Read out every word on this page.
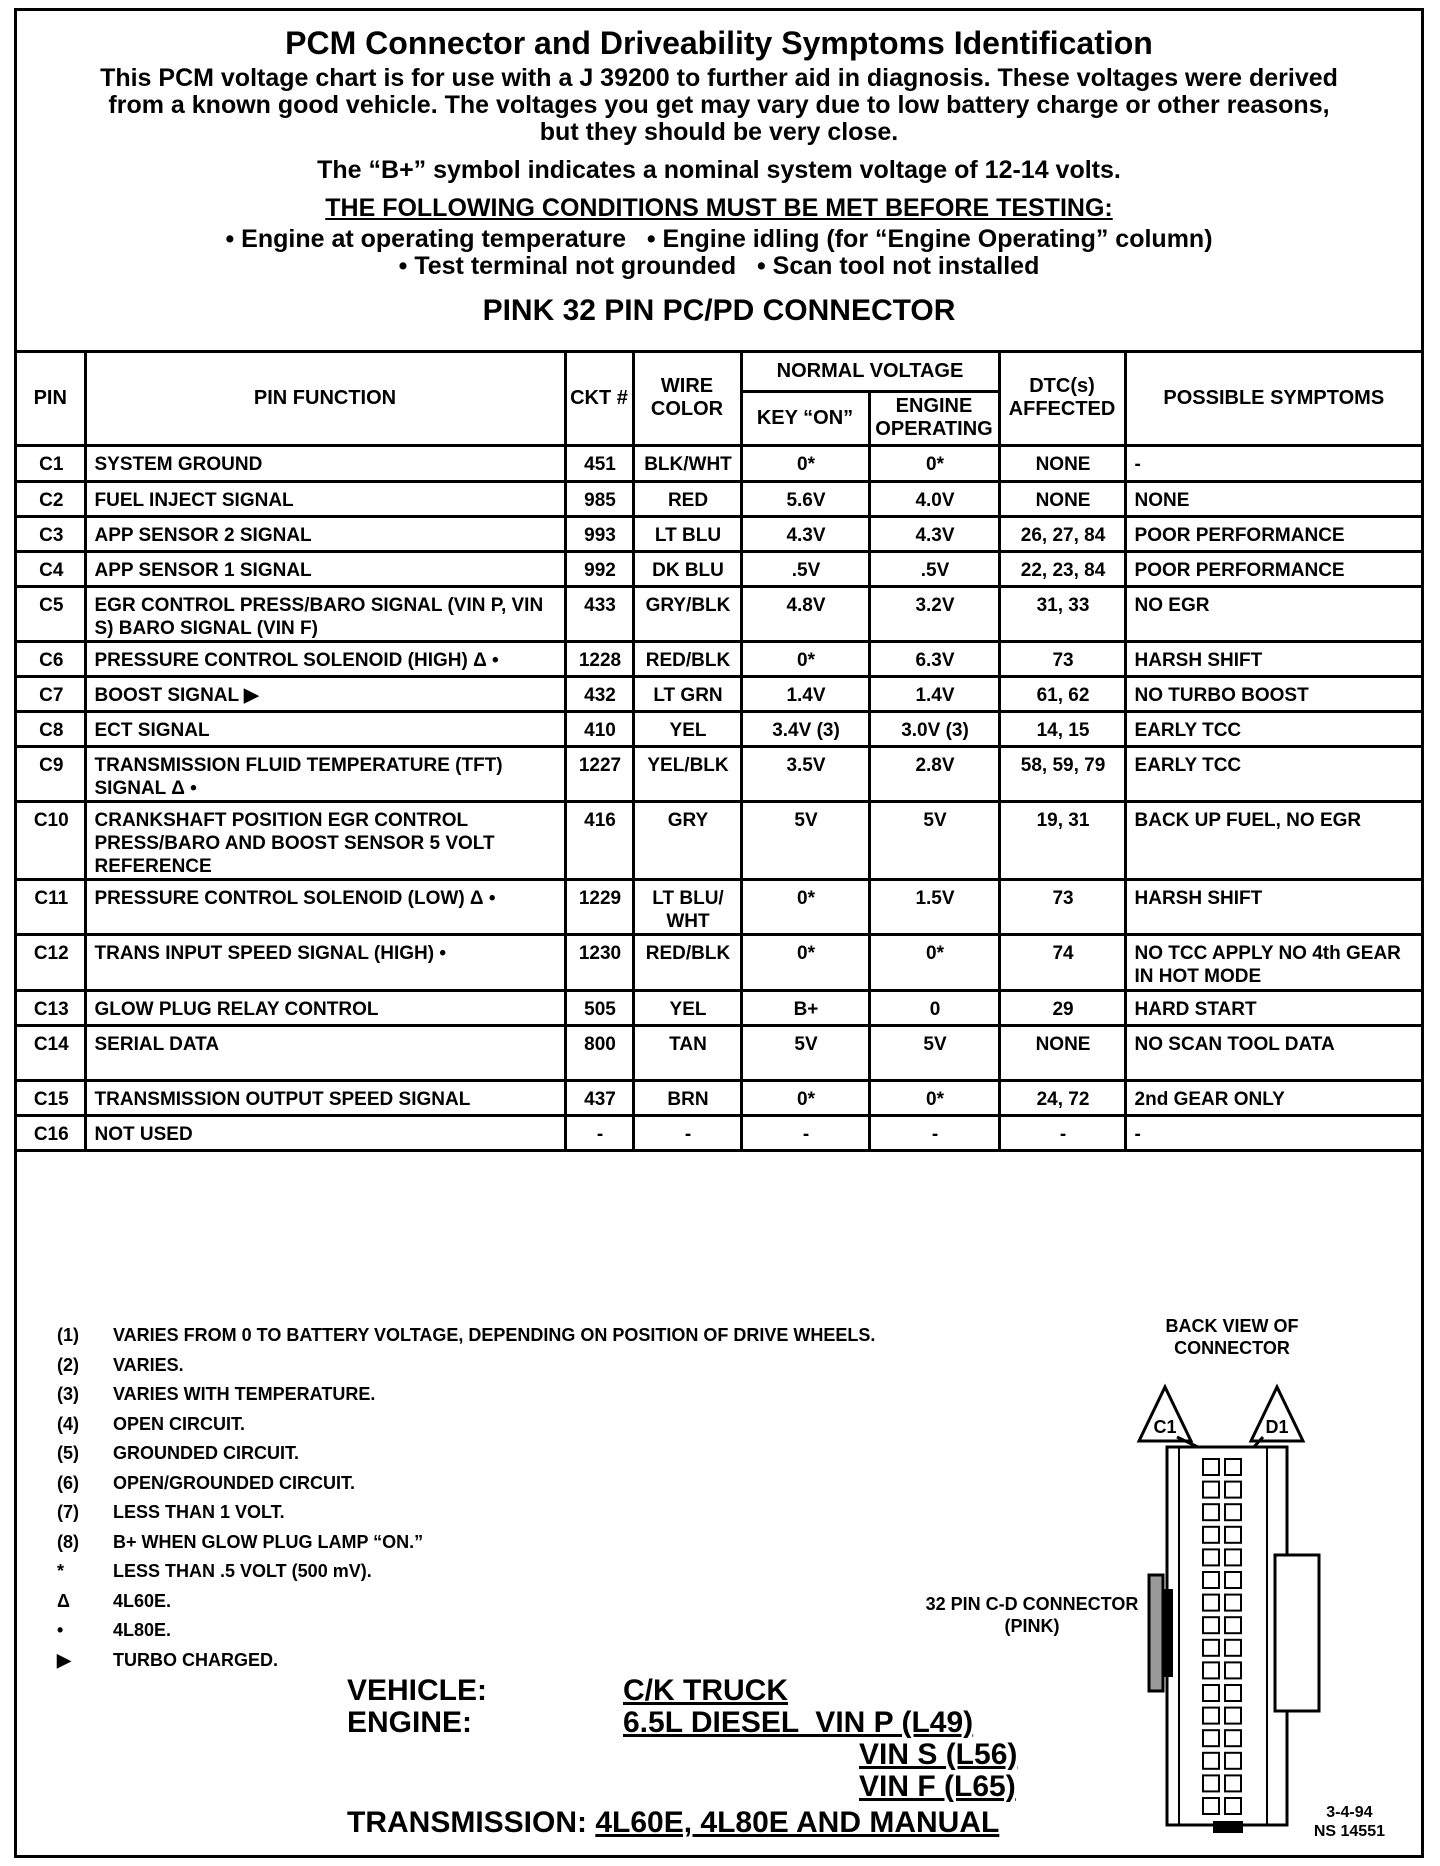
PCM Connector and Driveability Symptoms Identification
This PCM voltage chart is for use with a J 39200 to further aid in diagnosis. These voltages were derived
from a known good vehicle. The voltages you get may vary due to low battery charge or other reasons,
but they should be very close.
The “B+” symbol indicates a nominal system voltage of 12-14 volts.
THE FOLLOWING CONDITIONS MUST BE MET BEFORE TESTING:
• Engine at operating temperature • Engine idling (for “Engine Operating” column)
• Test terminal not grounded • Scan tool not installed
PINK 32 PIN PC/PD CONNECTOR
PIN	PIN FUNCTION	CKT #	WIRE COLOR	NORMAL VOLTAGE		DTC(s) AFFECTED	POSSIBLE SYMPTOMS
				KEY “ON”	ENGINE OPERATING		
C1	SYSTEM GROUND	451	BLK/WHT	0*	0*	NONE	-
C2	FUEL INJECT SIGNAL	985	RED	5.6V	4.0V	NONE	NONE
C3	APP SENSOR 2 SIGNAL	993	LT BLU	4.3V	4.3V	26, 27, 84	POOR PERFORMANCE
C4	APP SENSOR 1 SIGNAL	992	DK BLU	.5V	.5V	22, 23, 84	POOR PERFORMANCE
C5	EGR CONTROL PRESS/BARO SIGNAL (VIN P, VIN S) BARO SIGNAL (VIN F)	433	GRY/BLK	4.8V	3.2V	31, 33	NO EGR
C6	PRESSURE CONTROL SOLENOID (HIGH) Δ •	1228	RED/BLK	0*	6.3V	73	HARSH SHIFT
C7	BOOST SIGNAL ▶	432	LT GRN	1.4V	1.4V	61, 62	NO TURBO BOOST
C8	ECT SIGNAL	410	YEL	3.4V (3)	3.0V (3)	14, 15	EARLY TCC
C9	TRANSMISSION FLUID TEMPERATURE (TFT) SIGNAL Δ •	1227	YEL/BLK	3.5V	2.8V	58, 59, 79	EARLY TCC
C10	CRANKSHAFT POSITION EGR CONTROL PRESS/BARO AND BOOST SENSOR 5 VOLT REFERENCE	416	GRY	5V	5V	19, 31	BACK UP FUEL, NO EGR
C11	PRESSURE CONTROL SOLENOID (LOW) Δ •	1229	LT BLU/ WHT	0*	1.5V	73	HARSH SHIFT
C12	TRANS INPUT SPEED SIGNAL (HIGH) •	1230	RED/BLK	0*	0*	74	NO TCC APPLY NO 4th GEAR IN HOT MODE
C13	GLOW PLUG RELAY CONTROL	505	YEL	B+	0	29	HARD START
C14	SERIAL DATA	800	TAN	5V	5V	NONE	NO SCAN TOOL DATA
C15	TRANSMISSION OUTPUT SPEED SIGNAL	437	BRN	0*	0*	24, 72	2nd GEAR ONLY
C16	NOT USED	-	-	-	-	-	-
(1)	VARIES FROM 0 TO BATTERY VOLTAGE, DEPENDING ON POSITION OF DRIVE WHEELS.
(2)	VARIES.
(3)	VARIES WITH TEMPERATURE.
(4)	OPEN CIRCUIT.
(5)	GROUNDED CIRCUIT.
(6)	OPEN/GROUNDED CIRCUIT.
(7)	LESS THAN 1 VOLT.
(8)	B+ WHEN GLOW PLUG LAMP “ON.”
*	LESS THAN .5 VOLT (500 mV).
Δ	4L60E.
•	4L80E.
▶	TURBO CHARGED.
VEHICLE:	C/K TRUCK
ENGINE:	6.5L DIESEL  VIN P (L49)
VIN S (L56)
VIN F (L65)
TRANSMISSION: 4L60E, 4L80E AND MANUAL
BACK VIEW OF CONNECTOR
32 PIN C-D CONNECTOR (PINK)
C1	D1
3-4-94
NS 14551
